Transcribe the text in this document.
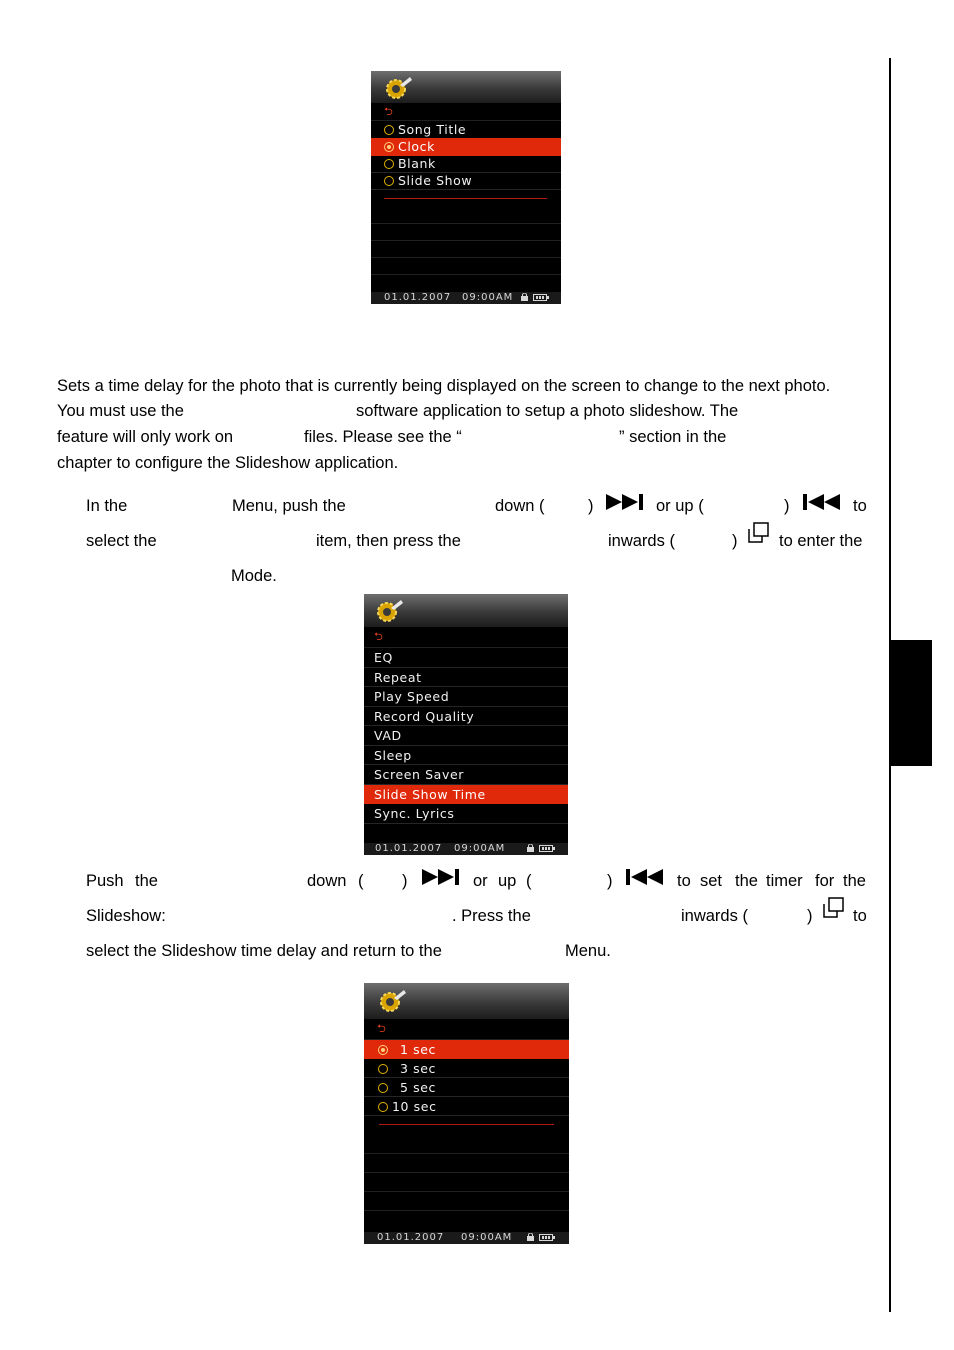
⮌
Song Title
Clock
Blank
Slide Show
01.01.2007 09:00AM
Sets a time delay for the photo that is currently being displayed on the screen to change to the next photo.
You must use the	software application to setup a photo slideshow. The
feature will only work on	files. Please see the “	” section in the
chapter to configure the Slideshow application.
In the	Menu, push the	down (	)	or up (	)	to
select the	item, then press the	inwards (	)	to enter the
Mode.
⮌
EQ
Repeat
Play Speed
Record Quality
VAD
Sleep
Screen Saver
Slide Show Time
Sync. Lyrics
01.01.2007 09:00AM
Push the	down ( )	or up (	)	to set the timer for the
Slideshow:	. Press the	inwards (	) to
select the Slideshow time delay and return to the	Menu.
⮌
1 sec
3 sec
5 sec
10 sec
01.01.2007 09:00AM
